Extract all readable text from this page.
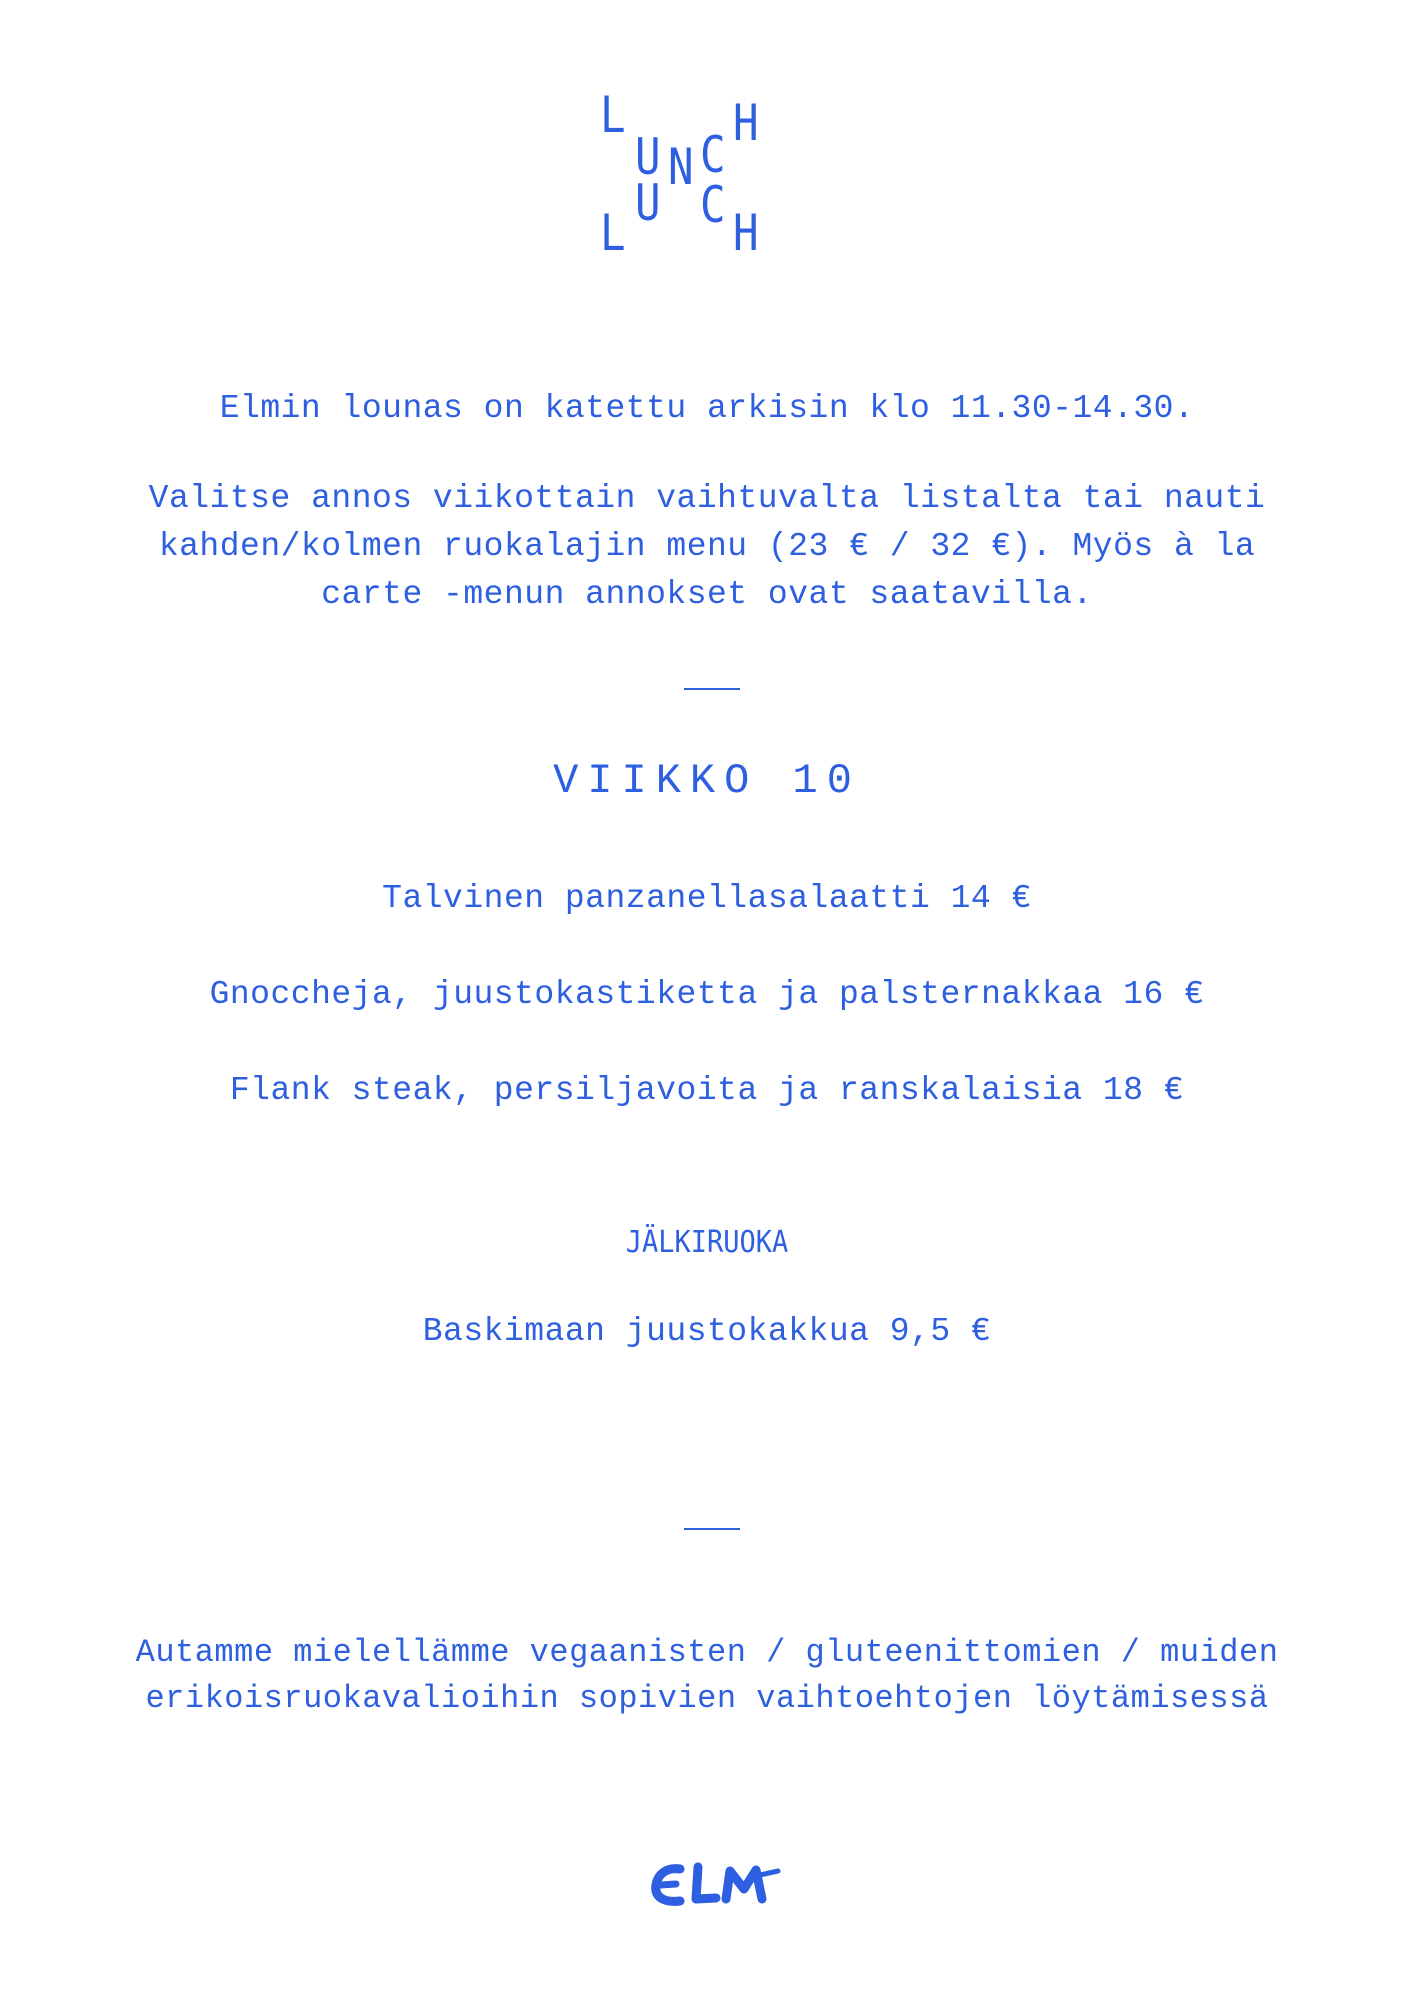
L
U N C
H
L
U C H
Elmin lounas on katettu arkisin klo 11.30-14.30.
Valitse annos viikottain vaihtuvalta listalta tai nauti
kahden/kolmen ruokalajin menu (23 € / 32 €). Myös à la
carte -menun annokset ovat saatavilla.
VIIKKO 10
Talvinen panzanellasalaatti 14 €
Gnoccheja, juustokastiketta ja palsternakkaa 16 €
Flank steak, persiljavoita ja ranskalaisia 18 €
JÄLKIRUOKA
Baskimaan juustokakkua 9,5 €
Autamme mielellämme vegaanisten / gluteenittomien / muiden
erikoisruokavalioihin sopivien vaihtoehtojen löytämisessä
